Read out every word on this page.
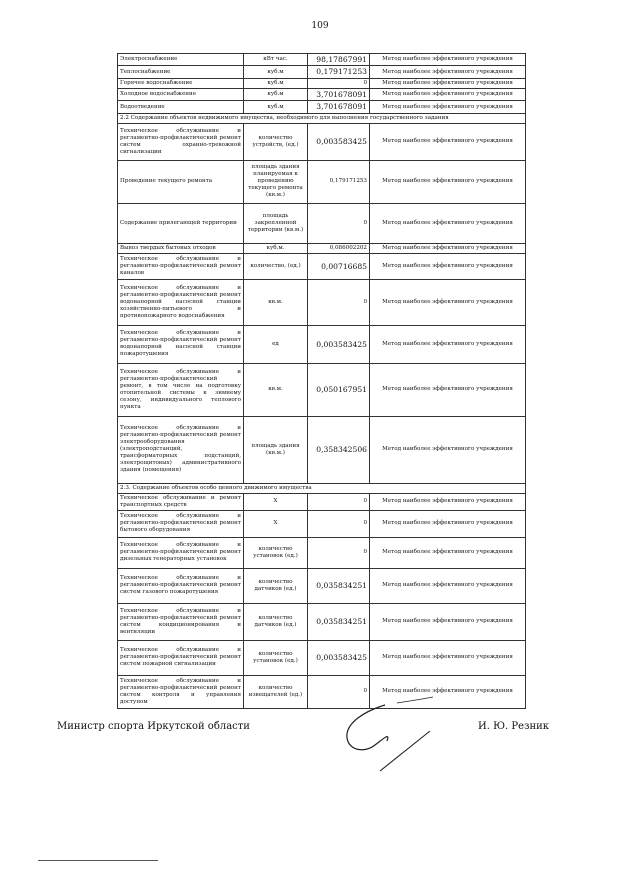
109
Электроснабжение	кВт час.	98,17867991	Метод наиболее эффективного учреждения
Теплоснабжение	куб.м	0,179171253	Метод наиболее эффективного учреждения
Горячее водоснабжение	куб.м	0	Метод наиболее эффективного учреждения
Холодное водоснабжение	куб.м	3,701678091	Метод наиболее эффективного учреждения
Водоотведение	куб.м	3,701678091	Метод наиболее эффективного учреждения
2.2 Содержание объектов недвижимого имущества, необходимого для выполнения государственного задания			
Техническое обслуживание и регламентно-профилактический ремонт систем охранно-тревожной сигнализации	количество устройств, (ед.)	0,003583425	Метод наиболее эффективного учреждения
Проведение текущего ремонта	площадь здания планируемая к проведению текущего ремонта (кв.м.)	0,179171253	Метод наиболее эффективного учреждения
Содержание прилегающей территории	площадь закрепленной территории (кв.м.)	0	Метод наиболее эффективного учреждения
Вывоз твердых бытовых отходов	куб.м.	0,086002202	Метод наиболее эффективного учреждения
Техническое обслуживание и регламентно-профилактический ремонт каналов	количество, (ед.)	0,00716685	Метод наиболее эффективного учреждения
Техническое обслуживание и регламентно-профилактический ремонт водонапорной насосной станции хозяйственно-питьевого и противопожарного водоснабжения	кв.м.	0	Метод наиболее эффективного учреждения
Техническое обслуживание и регламентно-профилактический ремонт водонапорной насосной станции пожаротушения	ед	0,003583425	Метод наиболее эффективного учреждения
Техническое обслуживание и регламентно-профилактический ремонт, в том числе на подготовку отопительной системы к зимнему сезону, индивидуального теплового пункта	кв.м.	0,050167951	Метод наиболее эффективного учреждения
Техническое обслуживание и регламентно-профилактический ремонт электрооборудования (электроподстанций, трансформаторных подстанций, электрощитовых) административного здания (помещения)	площадь здания (кв.м.)	0,358342506	Метод наиболее эффективного учреждения
2.3. Содержание объектов особо ценного движимого имущества			
Техническое обслуживание и ремонт транспортных средств	Х	0	Метод наиболее эффективного учреждения
Техническое обслуживание и регламентно-профилактический ремонт бытового оборудования	Х	0	Метод наиболее эффективного учреждения
Техническое обслуживание и регламентно-профилактический ремонт дизельных генераторных установок	количество установок (ед.)	0	Метод наиболее эффективного учреждения
Техническое обслуживание и регламентно-профилактический ремонт систем газового пожаротушения	количество датчиков (ед.)	0,035834251	Метод наиболее эффективного учреждения
Техническое обслуживание и регламентно-профилактический ремонт систем кондиционирования и вентиляции	количество датчиков (ед.)	0,035834251	Метод наиболее эффективного учреждения
Техническое обслуживание и регламентно-профилактический ремонт систем пожарной сигнализации	количество установок (ед.)	0,003583425	Метод наиболее эффективного учреждения
Техническое обслуживание и регламентно-профилактический ремонт систем контроля и управления доступом	количество извещателей (ед.)	0	Метод наиболее эффективного учреждения
Министр спорта Иркутской области	И. Ю. Резник
